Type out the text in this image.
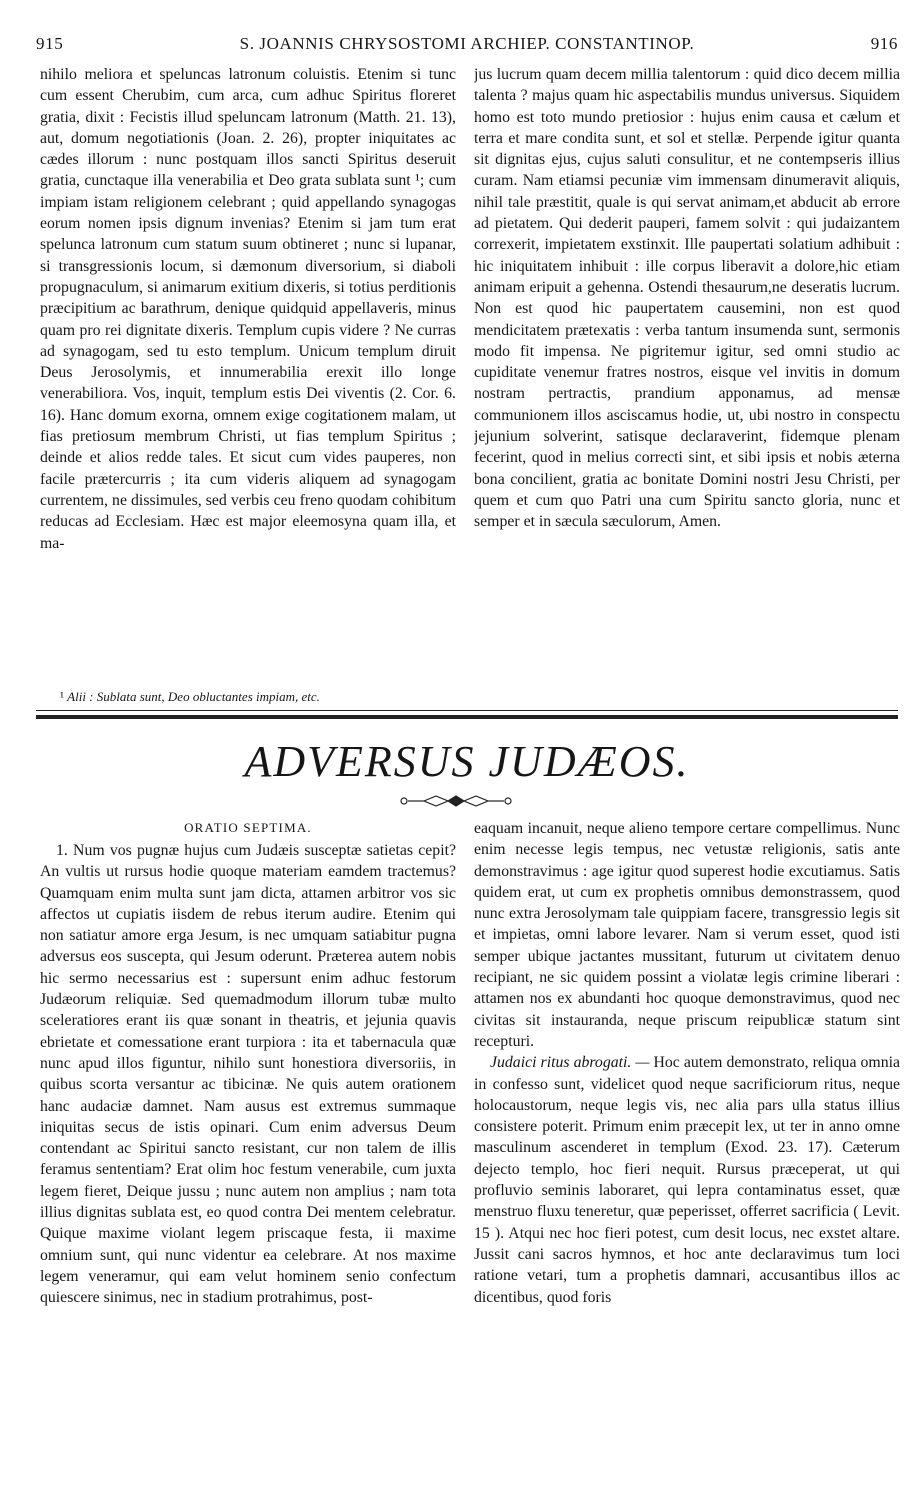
915	S. JOANNIS CHRYSOSTOMI ARCHIEP. CONSTANTINOP.	916

nihilo meliora et speluncas latronum coluistis. Etenim si tunc cum essent Cherubim, cum arca, cum adhuc Spiritus floreret gratia, dixit : Fecistis illud speluncam latronum (Matth. 21. 13), aut, domum negotiationis (Joan. 2. 26), propter iniquitates ac cædes illorum : nunc postquam illos sancti Spiritus deseruit gratia, cunctaque illa venerabilia et Deo grata sublata sunt ¹; cum impiam istam religionem celebrant ; quid appellando synagogas eorum nomen ipsis dignum invenias? Etenim si jam tum erat spelunca latronum cum statum suum obtineret ; nunc si lupanar, si transgressionis locum, si dæmonum diversorium, si diaboli propugnaculum, si animarum exitium dixeris, si totius perditionis præcipitium ac barathrum, denique quidquid appellaveris, minus quam pro rei dignitate dixeris. Templum cupis videre ? Ne curras ad synagogam, sed tu esto templum. Unicum templum diruit Deus Jerosolymis, et innumerabilia erexit illo longe venerabiliora. Vos, inquit, templum estis Dei viventis (2. Cor. 6. 16). Hanc domum exorna, omnem exige cogitationem malam, ut fias pretiosum membrum Christi, ut fias templum Spiritus ; deinde et alios redde tales. Et sicut cum vides pauperes, non facile prætercurris ; ita cum videris aliquem ad synagogam currentem, ne dissimules, sed verbis ceu freno quodam cohibitum reducas ad Ecclesiam. Hæc est major eleemosyna quam illa, et ma-

jus lucrum quam decem millia talentorum : quid dico decem millia talenta ? majus quam hic aspectabilis mundus universus. Siquidem homo est toto mundo pretiosior : hujus enim causa et cælum et terra et mare condita sunt, et sol et stellæ. Perpende igitur quanta sit dignitas ejus, cujus saluti consulitur, et ne contempseris illius curam. Nam etiamsi pecuniæ vim immensam dinumeravit aliquis, nihil tale præstitit, quale is qui servat animam,et abducit ab errore ad pietatem. Qui dederit pauperi, famem solvit : qui judaizantem correxerit, impietatem exstinxit. Ille paupertati solatium adhibuit : hic iniquitatem inhibuit : ille corpus liberavit a dolore,hic etiam animam eripuit a gehenna. Ostendi thesaurum,ne deseratis lucrum. Non est quod hic paupertatem causemini, non est quod mendicitatem prætexatis : verba tantum insumenda sunt, sermonis modo fit impensa. Ne pigritemur igitur, sed omni studio ac cupiditate venemur fratres nostros, eisque vel invitis in domum nostram pertractis, prandium apponamus, ad mensæ communionem illos asciscamus hodie, ut, ubi nostro in conspectu jejunium solverint, satisque declaraverint, fidemque plenam fecerint, quod in melius correcti sint, et sibi ipsis et nobis æterna bona concilient, gratia ac bonitate Domini nostri Jesu Christi, per quem et cum quo Patri una cum Spiritu sancto gloria, nunc et semper et in sæcula sæculorum, Amen.

¹ Alii : Sublata sunt, Deo obluctantes impiam, etc.
ADVERSUS JUDÆOS.
ORATIO SEPTIMA.

1. Num vos pugnæ hujus cum Judæis susceptæ satietas cepit? An vultis ut rursus hodie quoque materiam eamdem tractemus? Quamquam enim multa sunt jam dicta, attamen arbitror vos sic affectos ut cupiatis iisdem de rebus iterum audire. Etenim qui non satiatur amore erga Jesum, is nec umquam satiabitur pugna adversus eos suscepta, qui Jesum oderunt. Præterea autem nobis hic sermo necessarius est : supersunt enim adhuc festorum Judæorum reliquiæ. Sed quemadmodum illorum tubæ multo sceleratiores erant iis quæ sonant in theatris, et jejunia quavis ebrietate et comessatione erant turpiora : ita et tabernacula quæ nunc apud illos figuntur, nihilo sunt honestiora diversoriis, in quibus scorta versantur ac tibicinæ. Ne quis autem orationem hanc audaciæ damnet. Nam ausus est extremus summaque iniquitas secus de istis opinari. Cum enim adversus Deum contendant ac Spiritui sancto resistant, cur non talem de illis feramus sententiam? Erat olim hoc festum venerabile, cum juxta legem fieret, Deique jussu ; nunc autem non amplius ; nam tota illius dignitas sublata est, eo quod contra Dei mentem celebratur. Quique maxime violant legem priscaque festa, ii maxime omnium sunt, qui nunc videntur ea celebrare. At nos maxime legem veneramur, qui eam velut hominem senio confectum quiescere sinimus, nec in stadium protrahimus, post-

eaquam incanuit, neque alieno tempore certare compellimus. Nunc enim necesse legis tempus, nec vetustæ religionis, satis ante demonstravimus : age igitur quod superest hodie excutiamus. Satis quidem erat, ut cum ex prophetis omnibus demonstrassem, quod nunc extra Jerosolymam tale quippiam facere, transgressio legis sit et impietas, omni labore levarer. Nam si verum esset, quod isti semper ubique jactantes mussitant, futurum ut civitatem denuo recipiant, ne sic quidem possint a violatæ legis crimine liberari : attamen nos ex abundanti hoc quoque demonstravimus, quod nec civitas sit instauranda, neque priscum reipublicæ statum sint recepturi.

Judaici ritus abrogati. — Hoc autem demonstrato, reliqua omnia in confesso sunt, videlicet quod neque sacrificiorum ritus, neque holocaustorum, neque legis vis, nec alia pars ulla status illius consistere poterit. Primum enim præcepit lex, ut ter in anno omne masculinum ascenderet in templum (Exod. 23. 17). Cæterum dejecto templo, hoc fieri nequit. Rursus præceperat, ut qui profluvio seminis laboraret, qui lepra contaminatus esset, quæ menstruo fluxu teneretur, quæ peperisset, offerret sacrificia ( Levit. 15 ). Atqui nec hoc fieri potest, cum desit locus, nec exstet altare. Jussit cani sacros hymnos, et hoc ante declaravimus tum loci ratione vetari, tum a prophetis damnari, accusantibus illos ac dicentibus, quod foris
